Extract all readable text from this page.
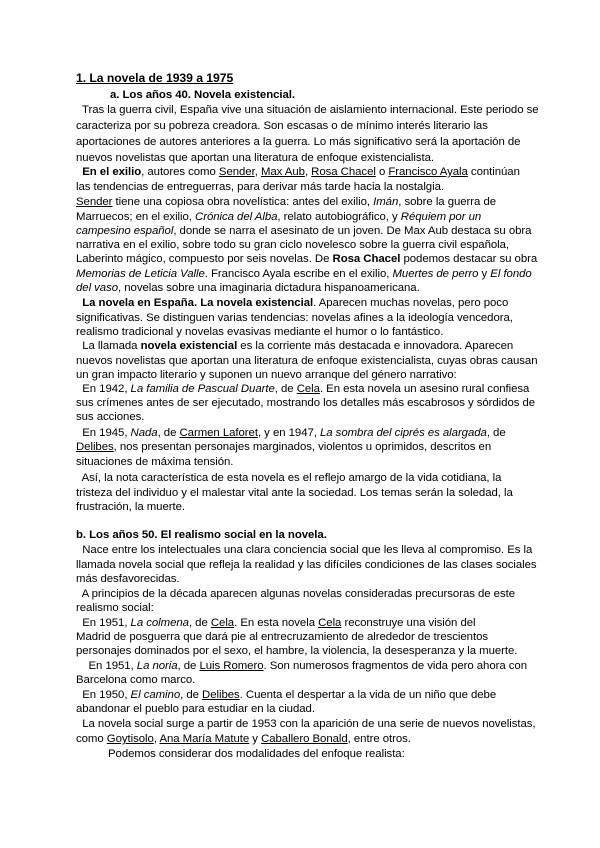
1. La novela de 1939 a 1975
a. Los años 40. Novela existencial.
Tras la guerra civil, España vive una situación de aislamiento internacional. Este periodo se
caracteriza por su pobreza creadora. Son escasas o de mínimo interés literario las
aportaciones de autores anteriores a la guerra. Lo más significativo será la aportación de
nuevos novelistas que aportan una literatura de enfoque existencialista.
En el exilio, autores como Sender, Max Aub, Rosa Chacel o Francisco Ayala continúan
las tendencias de entreguerras, para derivar más tarde hacia la nostalgia.
Sender tiene una copiosa obra novelística: antes del exilio, Imán, sobre la guerra de
Marruecos; en el exilio, Crónica del Alba, relato autobiográfico, y Réquiem por un
campesino español, donde se narra el asesinato de un joven. De Max Aub destaca su obra
narrativa en el exilio, sobre todo su gran ciclo novelesco sobre la guerra civil española,
Laberinto mágico, compuesto por seis novelas. De Rosa Chacel podemos destacar su obra
Memorias de Leticia Valle. Francisco Ayala escribe en el exilio, Muertes de perro y El fondo
del vaso, novelas sobre una imaginaria dictadura hispanoamericana.
La novela en España. La novela existencial. Aparecen muchas novelas, pero poco
significativas. Se distinguen varias tendencias: novelas afines a la ideología vencedora,
realismo tradicional y novelas evasivas mediante el humor o lo fantástico.
La llamada novela existencial es la corriente más destacada e innovadora. Aparecen
nuevos novelistas que aportan una literatura de enfoque existencialista, cuyas obras causan
un gran impacto literario y suponen un nuevo arranque del género narrativo:
En 1942, La familia de Pascual Duarte, de Cela. En esta novela un asesino rural confiesa
sus crímenes antes de ser ejecutado, mostrando los detalles más escabrosos y sórdidos de
sus acciones.
En 1945, Nada, de Carmen Laforet, y en 1947, La sombra del ciprés es alargada, de
Delibes, nos presentan personajes marginados, violentos u oprimidos, descritos en
situaciones de máxima tensión.
Así, la nota característica de esta novela es el reflejo amargo de la vida cotidiana, la
tristeza del individuo y el malestar vital ante la sociedad. Los temas serán la soledad, la
frustración, la muerte.
b. Los años 50. El realismo social en la novela.
Nace entre los intelectuales una clara conciencia social que les lleva al compromiso. Es la
llamada novela social que refleja la realidad y las difíciles condiciones de las clases sociales
más desfavorecidas.
A principios de la década aparecen algunas novelas consideradas precursoras de este
realismo social:
En 1951, La colmena, de Cela. En esta novela Cela reconstruye una visión del
Madrid de posguerra que dará pie al entrecruzamiento de alrededor de trescientos
personajes dominados por el sexo, el hambre, la violencia, la desesperanza y la muerte.
En 1951, La noria, de Luis Romero. Son numerosos fragmentos de vida pero ahora con
Barcelona como marco.
En 1950, El camino, de Delibes. Cuenta el despertar a la vida de un niño que debe
abandonar el pueblo para estudiar en la ciudad.
La novela social surge a partir de 1953 con la aparición de una serie de nuevos novelistas,
como Goytisolo, Ana María Matute y Caballero Bonald, entre otros.
Podemos considerar dos modalidades del enfoque realista:
